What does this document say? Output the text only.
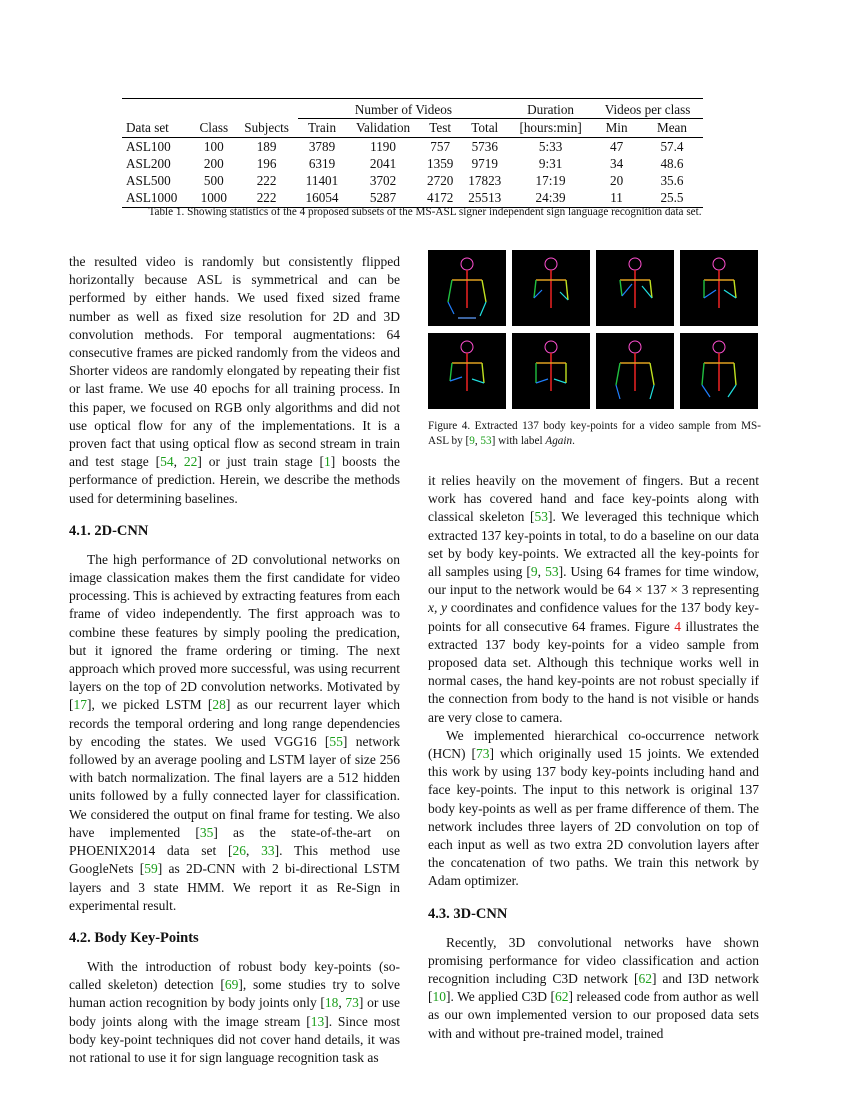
			Number of Videos				Duration	Videos per class	
Data set	Class	Subjects	Train	Validation	Test	Total	[hours:min]	Min	Mean
ASL100	100	189	3789	1190	757	5736	5:33	47	57.4
ASL200	200	196	6319	2041	1359	9719	9:31	34	48.6
ASL500	500	222	11401	3702	2720	17823	17:19	20	35.6
ASL1000	1000	222	16054	5287	4172	25513	24:39	11	25.5
Table 1. Showing statistics of the 4 proposed subsets of the MS-ASL signer independent sign language recognition data set.

the resulted video is randomly but consistently flipped horizontally because ASL is symmetrical and can be performed by either hands. We used fixed sized frame number as well as fixed size resolution for 2D and 3D convolution methods. For temporal augmentations: 64 consecutive frames are picked randomly from the videos and Shorter videos are randomly elongated by repeating their fist or last frame. We use 40 epochs for all training process. In this paper, we focused on RGB only algorithms and did not use optical flow for any of the implementations. It is a proven fact that using optical flow as second stream in train and test stage [54, 22] or just train stage [1] boosts the performance of prediction. Herein, we describe the methods used for determining baselines.

4.1. 2D-CNN

The high performance of 2D convolutional networks on image classication makes them the first candidate for video processing. This is achieved by extracting features from each frame of video independently. The first approach was to combine these features by simply pooling the predication, but it ignored the frame ordering or timing. The next approach which proved more successful, was using recurrent layers on the top of 2D convolution networks. Motivated by [17], we picked LSTM [28] as our recurrent layer which records the temporal ordering and long range dependencies by encoding the states. We used VGG16 [55] network followed by an average pooling and LSTM layer of size 256 with batch normalization. The final layers are a 512 hidden units followed by a fully connected layer for classification. We considered the output on final frame for testing. We also have implemented [35] as the state-of-the-art on PHOENIX2014 data set [26, 33]. This method use GoogleNets [59] as 2D-CNN with 2 bi-directional LSTM layers and 3 state HMM. We report it as Re-Sign in experimental result.

4.2. Body Key-Points

With the introduction of robust body key-points (so-called skeleton) detection [69], some studies try to solve human action recognition by body joints only [18, 73] or use body joints along with the image stream [13]. Since most body key-point techniques did not cover hand details, it was not rational to use it for sign language recognition task as

Figure 4. Extracted 137 body key-points for a video sample from MS-ASL by [9, 53] with label Again.

it relies heavily on the movement of fingers. But a recent work has covered hand and face key-points along with classical skeleton [53]. We leveraged this technique which extracted 137 key-points in total, to do a baseline on our data set by body key-points. We extracted all the key-points for all samples using [9, 53]. Using 64 frames for time window, our input to the network would be 64 × 137 × 3 representing x, y coordinates and confidence values for the 137 body key-points for all consecutive 64 frames. Figure 4 illustrates the extracted 137 body key-points for a video sample from proposed data set. Although this technique works well in normal cases, the hand key-points are not robust specially if the connection from body to the hand is not visible or hands are very close to camera.

We implemented hierarchical co-occurrence network (HCN) [73] which originally used 15 joints. We extended this work by using 137 body key-points including hand and face key-points. The input to this network is original 137 body key-points as well as per frame difference of them. The network includes three layers of 2D convolution on top of each input as well as two extra 2D convolution layers after the concatenation of two paths. We train this network by Adam optimizer.

4.3. 3D-CNN

Recently, 3D convolutional networks have shown promising performance for video classification and action recognition including C3D network [62] and I3D network [10]. We applied C3D [62] released code from author as well as our own implemented version to our proposed data sets with and without pre-trained model, trained
